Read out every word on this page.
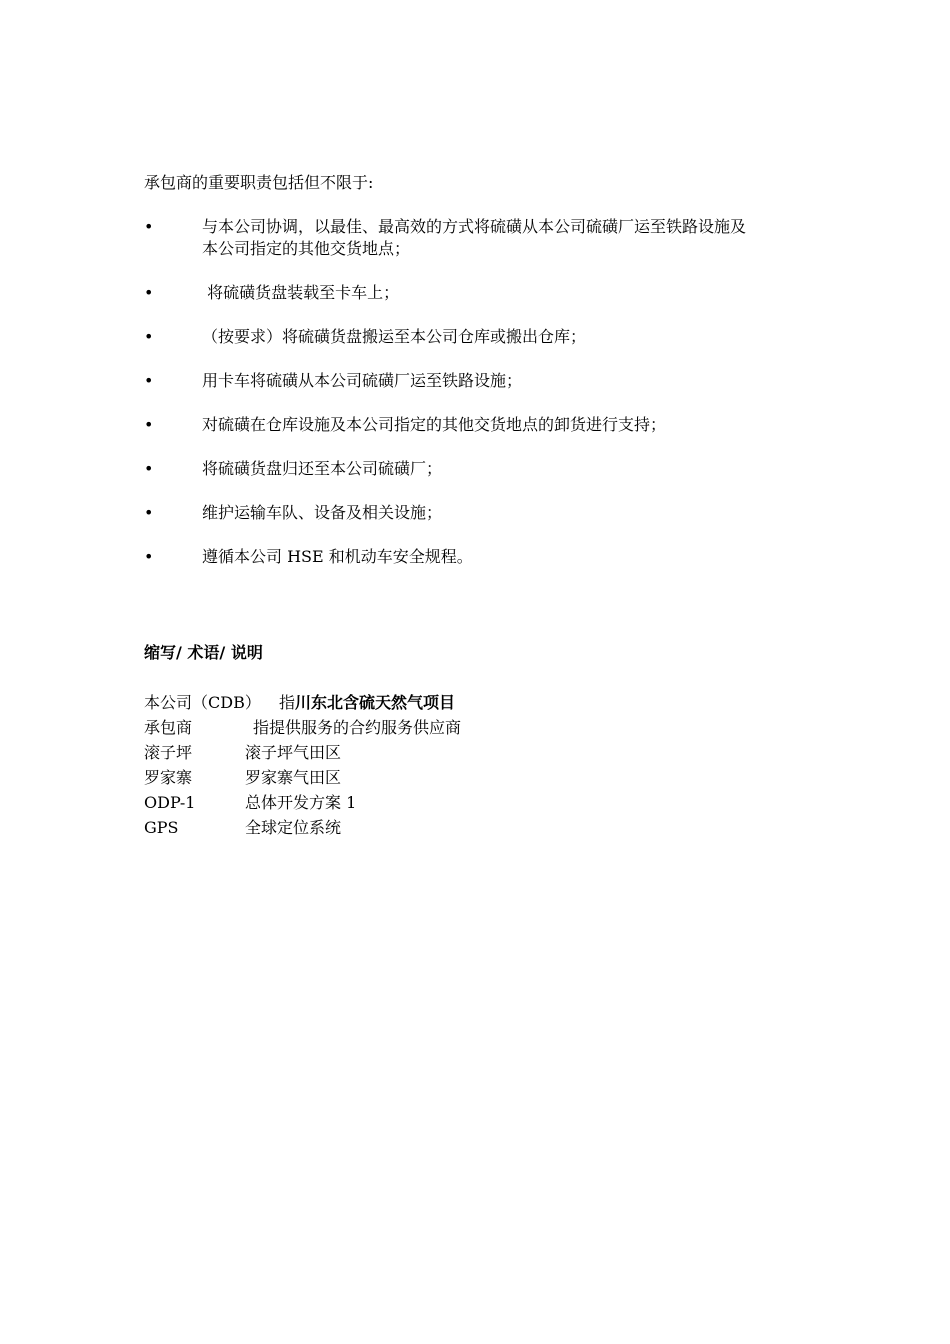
承包商的重要职责包括但不限于:
•	与本公司协调，以最佳、最高效的方式将硫磺从本公司硫磺厂运至铁路设施及
本公司指定的其他交货地点；
•	将硫磺货盘装载至卡车上；
•	（按要求）将硫磺货盘搬运至本公司仓库或搬出仓库；
•	用卡车将硫磺从本公司硫磺厂运至铁路设施；
•	对硫磺在仓库设施及本公司指定的其他交货地点的卸货进行支持；
•	将硫磺货盘归还至本公司硫磺厂；
•	维护运输车队、设备及相关设施；
•	遵循本公司 HSE 和机动车安全规程。
缩写/ 术语/ 说明
本公司（CDB） 指川东北含硫天然气项目
承包商	指提供服务的合约服务供应商
滚子坪	滚子坪气田区
罗家寨	罗家寨气田区
ODP-1	总体开发方案 1
GPS	全球定位系统
